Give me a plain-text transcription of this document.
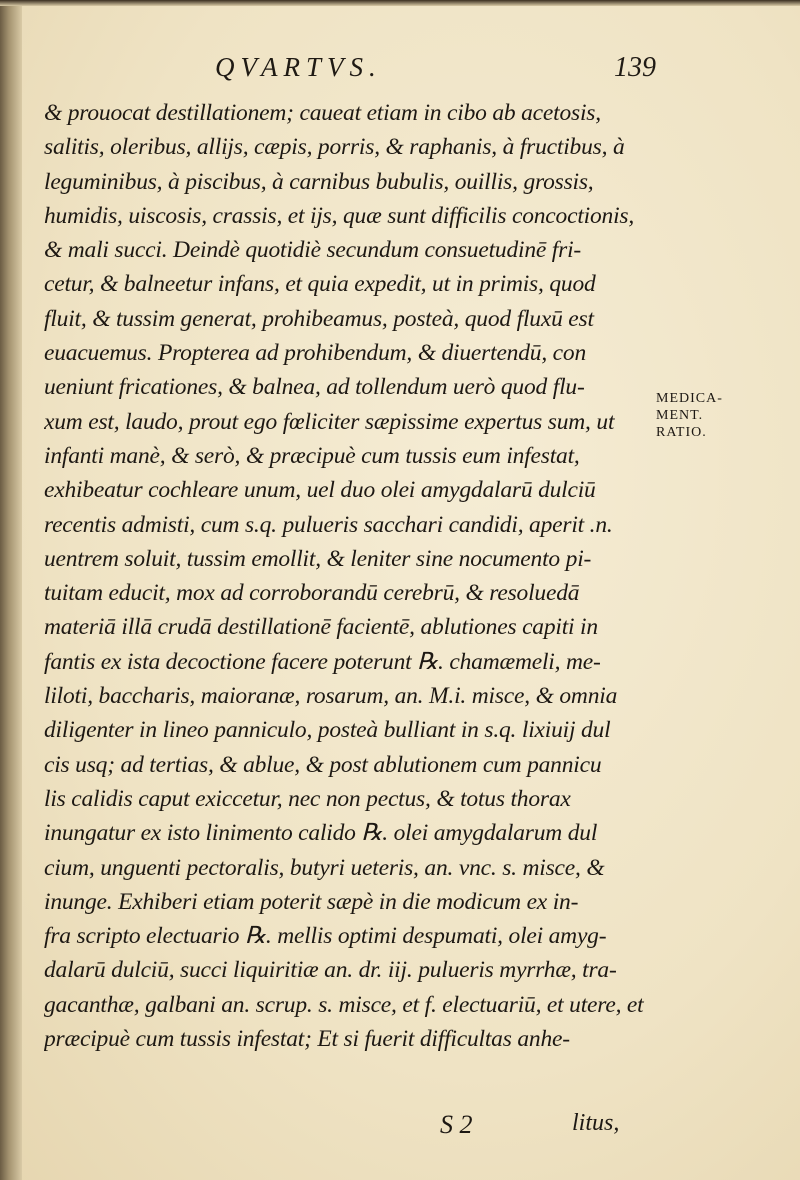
QVARTVS.	139
& prouocat destillationem; caueat etiam in cibo ab acetosis,
salitis, oleribus, allijs, cæpis, porris, & raphanis, à fructibus, à
leguminibus, à piscibus, à carnibus bubulis, ouillis, grossis,
humidis, uiscosis, crassis, et ijs, quæ sunt difficilis concoctionis,
& mali succi. Deindè quotidiè secundum consuetudinē fri-
cetur, & balneetur infans, et quia expedit, ut in primis, quod
fluit, & tussim generat, prohibeamus, posteà, quod fluxū est
euacuemus. Propterea ad prohibendum, & diuertendū, con
ueniunt fricationes, & balnea, ad tollendum uerò quod flu-
xum est, laudo, prout ego fœliciter sæpissime expertus sum, ut
infanti manè, & serò, & præcipuè cum tussis eum infestat,
exhibeatur cochleare unum, uel duo olei amygdalarū dulciū
recentis admisti, cum s.q. pulueris sacchari candidi, aperit .n.
uentrem soluit, tussim emollit, & leniter sine nocumento pi-
tuitam educit, mox ad corroborandū cerebrū, & resoluedā
materiā illā crudā destillationē facientē, ablutiones capiti in
fantis ex ista decoctione facere poterunt ℞. chamæmeli, me-
liloti, baccharis, maioranæ, rosarum, an. M.i. misce, & omnia
diligenter in lineo panniculo, posteà bulliant in s.q. lixiuij dul
cis usq; ad tertias, & ablue, & post ablutionem cum pannicu
lis calidis caput exiccetur, nec non pectus, & totus thorax
inungatur ex isto linimento calido ℞. olei amygdalarum dul
cium, unguenti pectoralis, butyri ueteris, an. vnc. s. misce, &
inunge. Exhiberi etiam poterit sæpè in die modicum ex in-
fra scripto electuario ℞. mellis optimi despumati, olei amyg-
dalarū dulciū, succi liquiritiæ an. dr. iij. pulueris myrrhæ, tra-
gacanthæ, galbani an. scrup. s. misce, et f. electuariū, et utere, et
præcipuè cum tussis infestat; Et si fuerit difficultas anhe-
MEDICA-
MENT.
RATIO.
S 2	litus,
